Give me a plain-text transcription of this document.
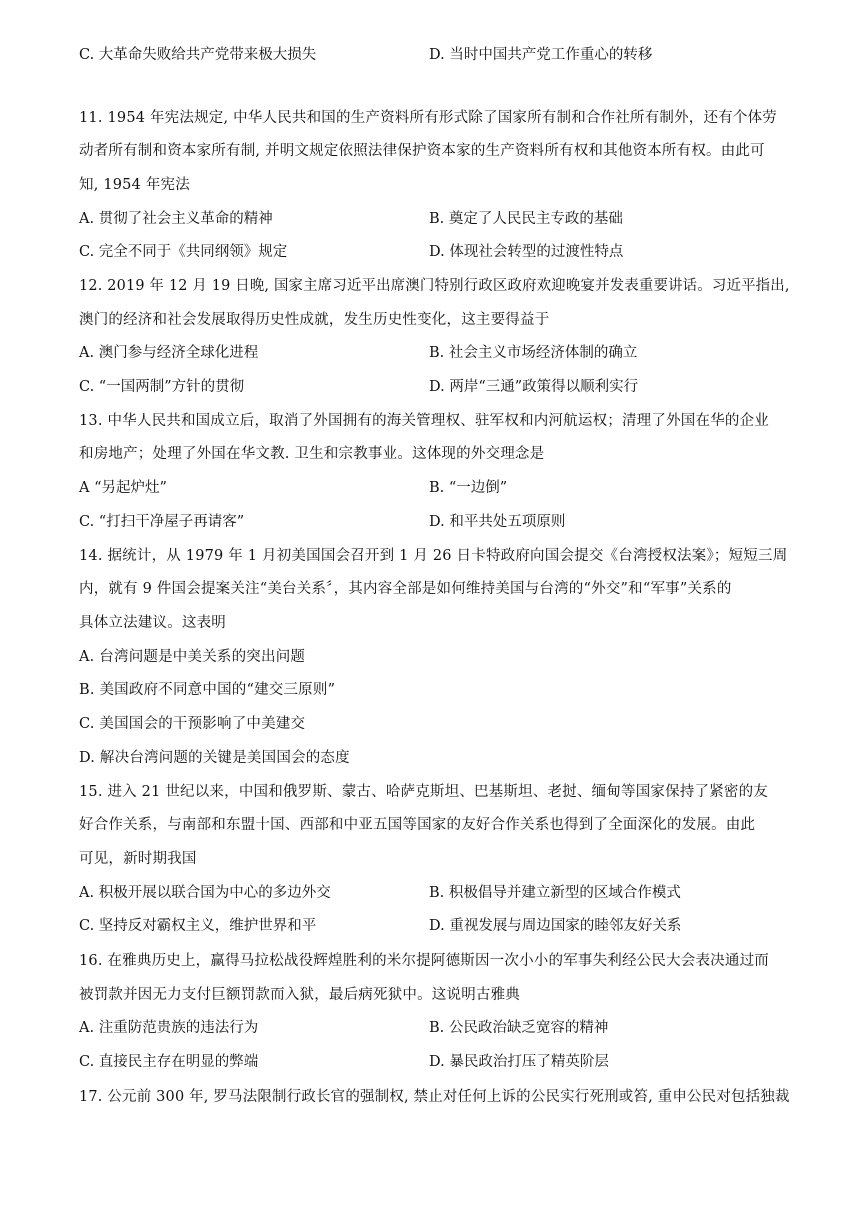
C. 大革命失败给共产党带来极大损失	D. 当时中国共产党工作重心的转移
11. 1954 年宪法规定, 中华人民共和国的生产资料所有形式除了国家所有制和合作社所有制外，还有个体劳
动者所有制和资本家所有制, 并明文规定依照法律保护资本家的生产资料所有权和其他资本所有权。由此可
知, 1954 年宪法
A. 贯彻了社会主义革命的精神	B. 奠定了人民民主专政的基础
C. 完全不同于《共同纲领》规定	D. 体现社会转型的过渡性特点
12. 2019 年 12 月 19 日晚, 国家主席习近平出席澳门特别行政区政府欢迎晚宴并发表重要讲话。习近平指出,
澳门的经济和社会发展取得历史性成就，发生历史性变化，这主要得益于
A. 澳门参与经济全球化进程	B. 社会主义市场经济体制的确立
C. “一国两制”方针的贯彻	D. 两岸“三通”政策得以顺利实行
13. 中华人民共和国成立后，取消了外国拥有的海关管理权、驻军权和内河航运权；清理了外国在华的企业
和房地产；处理了外国在华文教. 卫生和宗教事业。这体现的外交理念是
A “另起炉灶”	B. “一边倒”
C. “打扫干净屋子再请客”	D. 和平共处五项原则
14. 据统计，从 1979 年 1 月初美国国会召开到 1 月 26 日卡特政府向国会提交《台湾授权法案》；短短三周
内，就有 9 件国会提案关注“美台关系〞，其内容全部是如何维持美国与台湾的“外交”和“军事”关系的
具体立法建议。这表明
A. 台湾问题是中美关系的突出问题
B. 美国政府不同意中国的“建交三原则”
C. 美国国会的干预影响了中美建交
D. 解决台湾问题的关键是美国国会的态度
15. 进入 21 世纪以来，中国和俄罗斯、蒙古、哈萨克斯坦、巴基斯坦、老挝、缅甸等国家保持了紧密的友
好合作关系，与南部和东盟十国、西部和中亚五国等国家的友好合作关系也得到了全面深化的发展。由此
可见，新时期我国
A. 积极开展以联合国为中心的多边外交	B. 积极倡导并建立新型的区域合作模式
C. 坚持反对霸权主义，维护世界和平	D. 重视发展与周边国家的睦邻友好关系
16. 在雅典历史上，赢得马拉松战役辉煌胜利的米尔提阿德斯因一次小小的军事失利经公民大会表决通过而
被罚款并因无力支付巨额罚款而入狱，最后病死狱中。这说明古雅典
A. 注重防范贵族的违法行为	B. 公民政治缺乏宽容的精神
C. 直接民主存在明显的弊端	D. 暴民政治打压了精英阶层
17. 公元前 300 年, 罗马法限制行政长官的强制权, 禁止对任何上诉的公民实行死刑或笞, 重申公民对包括独裁
